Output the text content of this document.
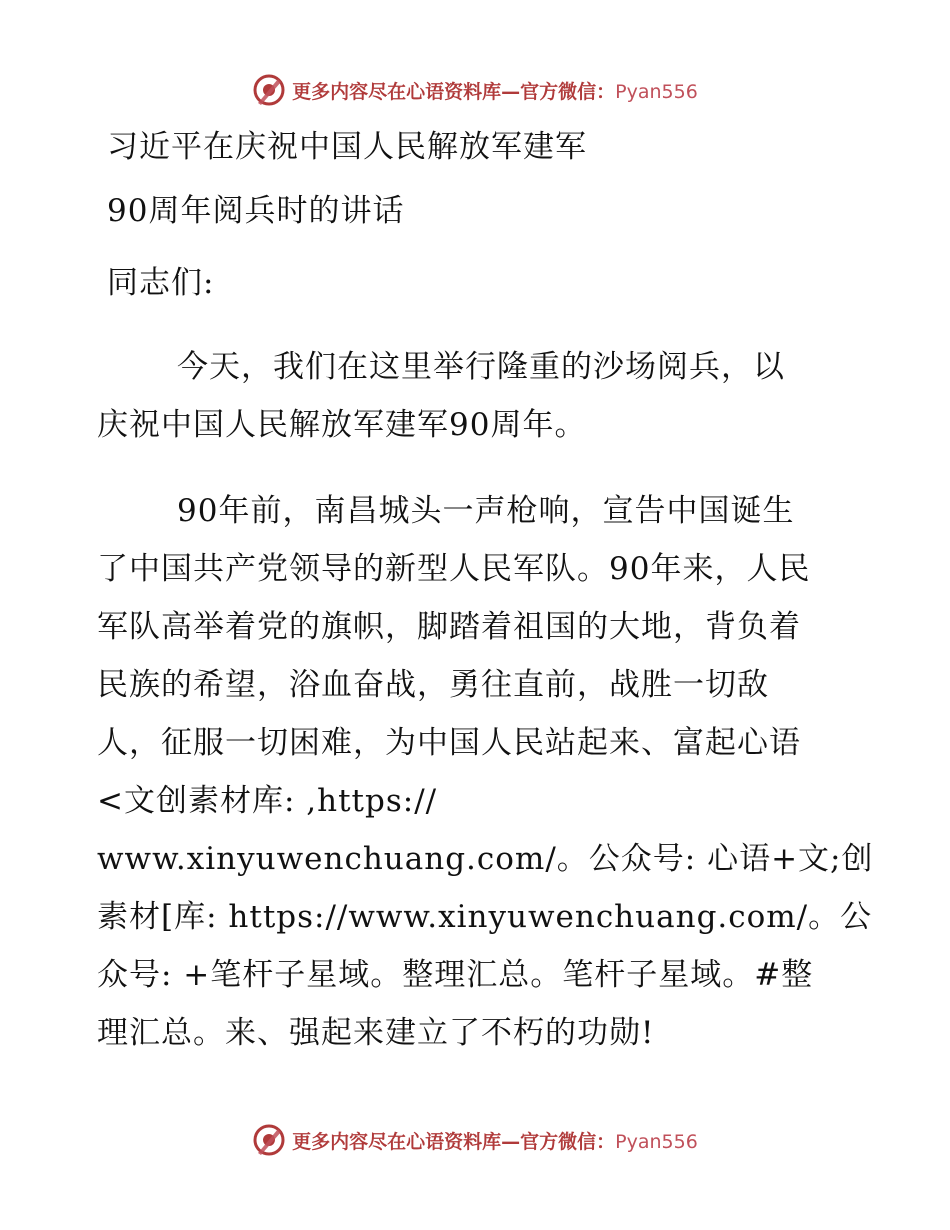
更多内容尽在心语资料库—官方微信：Pyan556
习近平在庆祝中国人民解放军建军
90周年阅兵时的讲话
同志们:
今天，我们在这里举行隆重的沙场阅兵，以
庆祝中国人民解放军建军90周年。
90年前，南昌城头一声枪响，宣告中国诞生
了中国共产党领导的新型人民军队。90年来，人民
军队高举着党的旗帜，脚踏着祖国的大地，背负着
民族的希望，浴血奋战，勇往直前，战胜一切敌
人，征服一切困难，为中国人民站起来、富起心语
<文创素材库: ,https://
www.xinyuwenchuang.com/。公众号: 心语+文;创
素材[库: https://www.xinyuwenchuang.com/。公
众号: +笔杆子星域。整理汇总。笔杆子星域。#整
理汇总。来、强起来建立了不朽的功勋!
更多内容尽在心语资料库—官方微信：Pyan556
